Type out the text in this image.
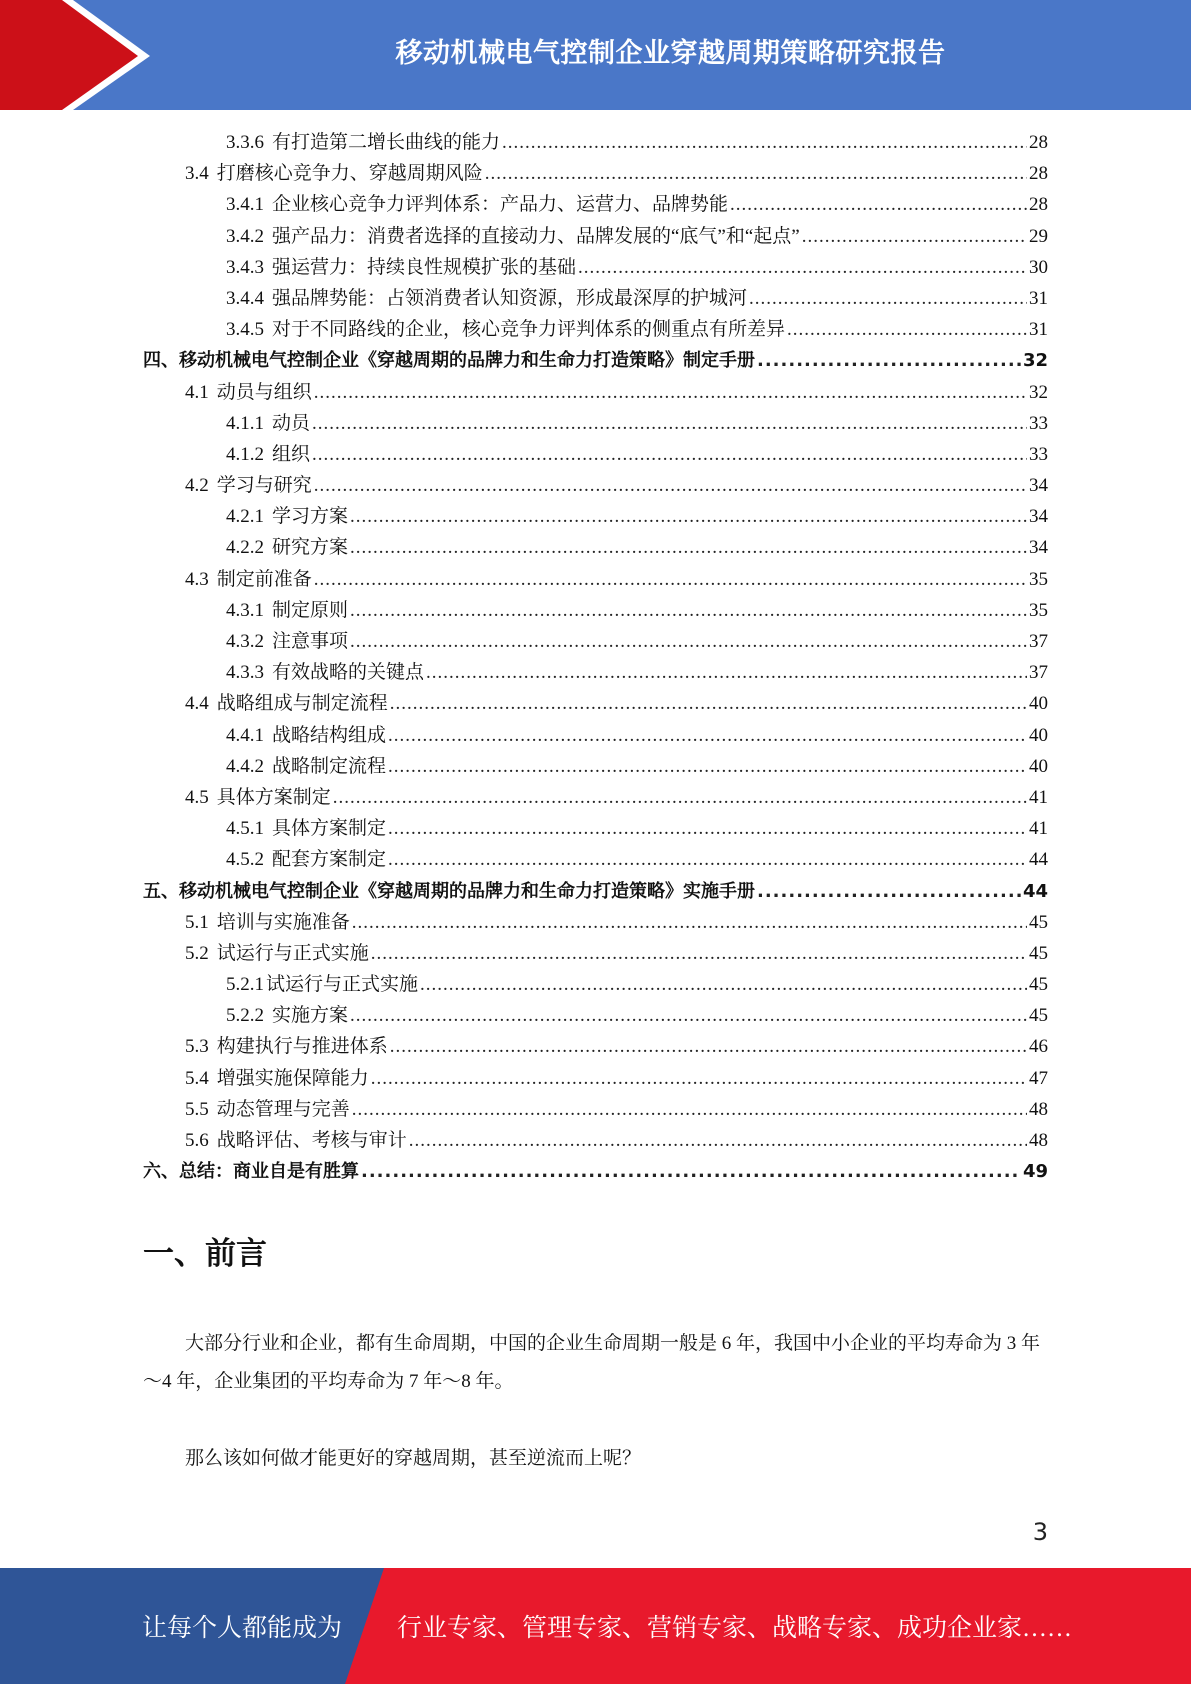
移动机械电气控制企业穿越周期策略研究报告
3.3.6 有打造第二增长曲线的能力 .....	28
3.4 打磨核心竞争力、穿越周期风险 .....	28
3.4.1 企业核心竞争力评判体系：产品力、运营力、品牌势能 .....	28
3.4.2 强产品力：消费者选择的直接动力、品牌发展的“底气”和“起点” .....	29
3.4.3 强运营力：持续良性规模扩张的基础 .....	30
3.4.4 强品牌势能：占领消费者认知资源，形成最深厚的护城河 .....	31
3.4.5 对于不同路线的企业，核心竞争力评判体系的侧重点有所差异 .....	31
四、移动机械电气控制企业《穿越周期的品牌力和生命力打造策略》制定手册 .....	32
4.1 动员与组织 .....	32
4.1.1 动员 .....	33
4.1.2 组织 .....	33
4.2 学习与研究 .....	34
4.2.1 学习方案 .....	34
4.2.2 研究方案 .....	34
4.3 制定前准备 .....	35
4.3.1 制定原则 .....	35
4.3.2 注意事项 .....	37
4.3.3 有效战略的关键点 .....	37
4.4 战略组成与制定流程 .....	40
4.4.1 战略结构组成 .....	40
4.4.2 战略制定流程 .....	40
4.5 具体方案制定 .....	41
4.5.1 具体方案制定 .....	41
4.5.2 配套方案制定 .....	44
五、移动机械电气控制企业《穿越周期的品牌力和生命力打造策略》实施手册 .....	44
5.1 培训与实施准备 .....	45
5.2 试运行与正式实施 .....	45
5.2.1 试运行与正式实施 .....	45
5.2.2 实施方案 .....	45
5.3 构建执行与推进体系 .....	46
5.4 增强实施保障能力 .....	47
5.5 动态管理与完善 .....	48
5.6 战略评估、考核与审计 .....	48
六、总结：商业自是有胜算 .....	49
一、前言
大部分行业和企业，都有生命周期，中国的企业生命周期一般是 6 年，我国中小企业的平均寿命为 3 年～4 年，企业集团的平均寿命为 7 年～8 年。
那么该如何做才能更好的穿越周期，甚至逆流而上呢？
3
让每个人都能成为 行业专家、管理专家、营销专家、战略专家、成功企业家……
